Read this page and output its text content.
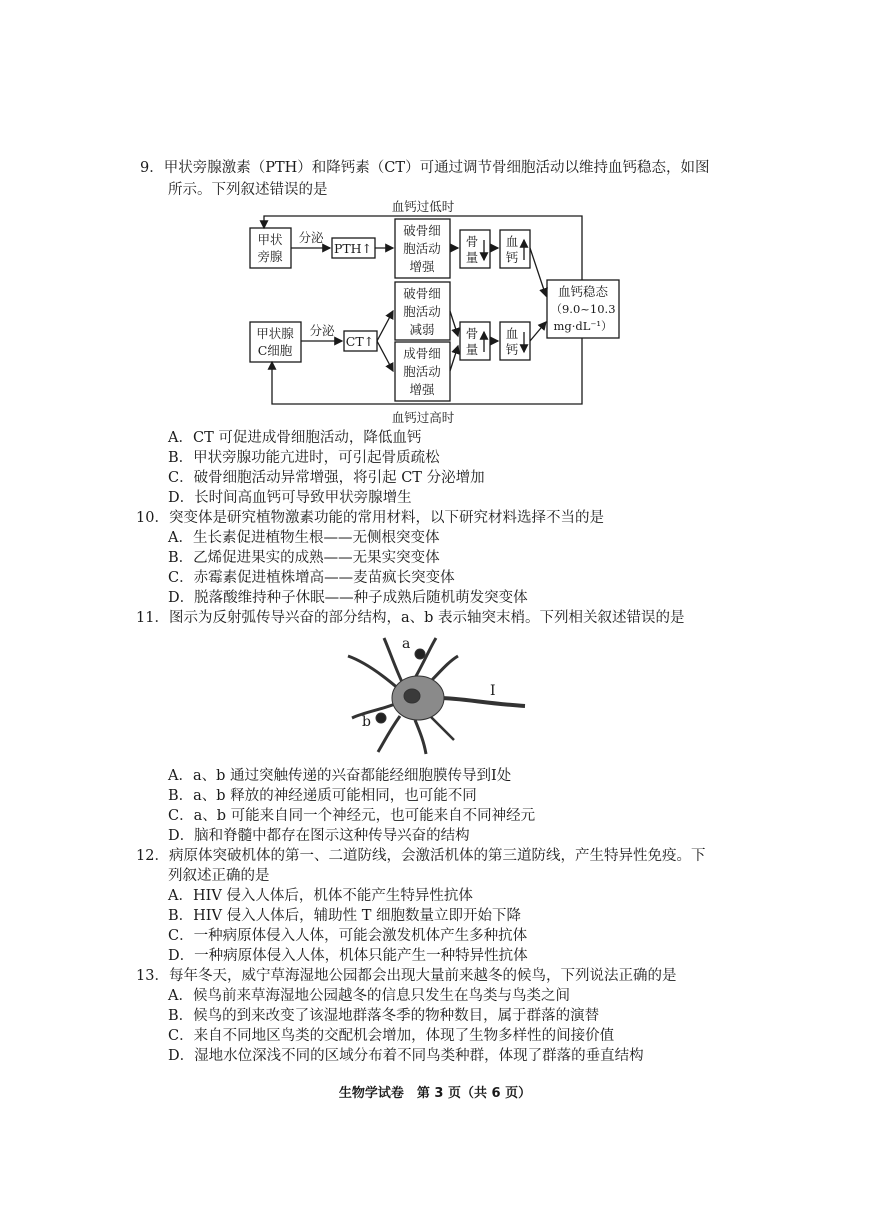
9．甲状旁腺激素（PTH）和降钙素（CT）可通过调节骨细胞活动以维持血钙稳态，如图
所示。下列叙述错误的是
血钙过低时
血钙过高时
甲状
旁腺
分泌
PTH↑
破骨细
胞活动
增强
骨
量
血
钙
血钙稳态
（9.0~10.3
mg·dL⁻¹）
甲状腺
C细胞
分泌
CT↑
破骨细
胞活动
减弱
成骨细
胞活动
增强
骨
量
血
钙
A．CT 可促进成骨细胞活动，降低血钙
B．甲状旁腺功能亢进时，可引起骨质疏松
C．破骨细胞活动异常增强，将引起 CT 分泌增加
D．长时间高血钙可导致甲状旁腺增生
10．突变体是研究植物激素功能的常用材料，以下研究材料选择不当的是
A．生长素促进植物生根——无侧根突变体
B．乙烯促进果实的成熟——无果实突变体
C．赤霉素促进植株增高——麦苗疯长突变体
D．脱落酸维持种子休眠——种子成熟后随机萌发突变体
11．图示为反射弧传导兴奋的部分结构，a、b 表示轴突末梢。下列相关叙述错误的是
a
b
I
A．a、b 通过突触传递的兴奋都能经细胞膜传导到I处
B．a、b 释放的神经递质可能相同，也可能不同
C．a、b 可能来自同一个神经元，也可能来自不同神经元
D．脑和脊髓中都存在图示这种传导兴奋的结构
12．病原体突破机体的第一、二道防线，会激活机体的第三道防线，产生特异性免疫。下
列叙述正确的是
A．HIV 侵入人体后，机体不能产生特异性抗体
B．HIV 侵入人体后，辅助性 T 细胞数量立即开始下降
C．一种病原体侵入人体，可能会激发机体产生多种抗体
D．一种病原体侵入人体，机体只能产生一种特异性抗体
13．每年冬天，威宁草海湿地公园都会出现大量前来越冬的候鸟，下列说法正确的是
A．候鸟前来草海湿地公园越冬的信息只发生在鸟类与鸟类之间
B．候鸟的到来改变了该湿地群落冬季的物种数目，属于群落的演替
C．来自不同地区鸟类的交配机会增加，体现了生物多样性的间接价值
D．湿地水位深浅不同的区域分布着不同鸟类种群，体现了群落的垂直结构
生物学试卷　第 3 页（共 6 页）
